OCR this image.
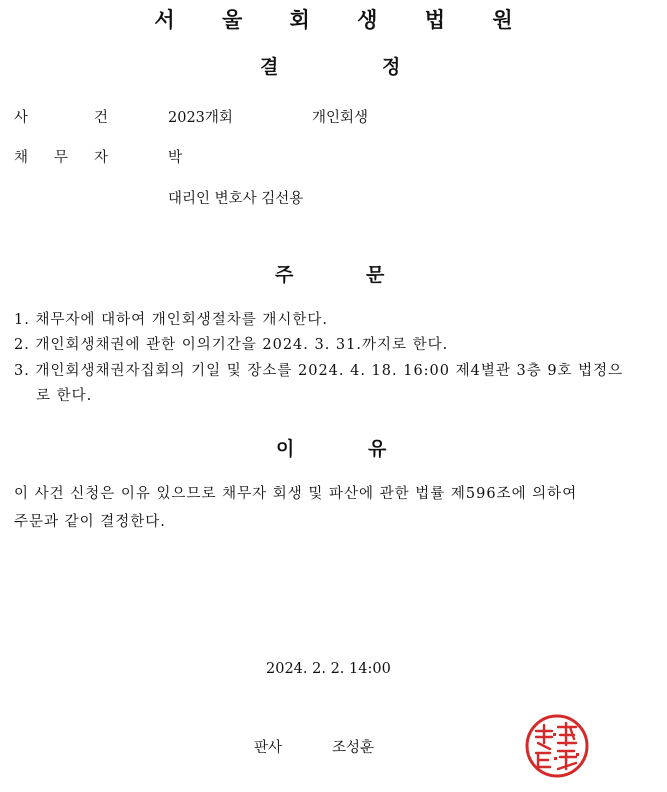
서 울 회 생 법 원
결	정
사	건	2023개회	개인회생
채 무 자	박
대리인 변호사 김선용
주	문
1. 채무자에 대하여 개인회생절차를 개시한다.
2. 개인회생채권에 관한 이의기간을 2024. 3. 31.까지로 한다.
3. 개인회생채권자집회의 기일 및 장소를 2024. 4. 18. 16:00 제4별관 3층 9호 법정으
로 한다.
이	유
이 사건 신청은 이유 있으므로 채무자 회생 및 파산에 관한 법률 제596조에 의하여
주문과 같이 결정한다.
2024. 2. 2. 14:00
판사	조성훈
